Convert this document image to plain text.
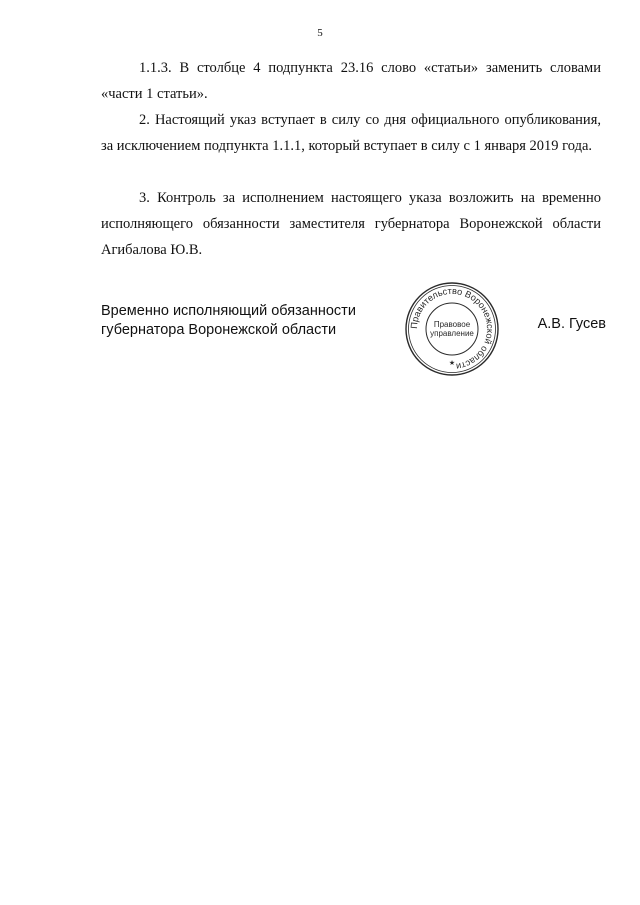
5

1.1.3. В столбце 4 подпункта 23.16 слово «статьи» заменить словами «части 1 статьи».

2. Настоящий указ вступает в силу со дня официального опубликования, за исключением подпункта 1.1.1, который вступает в силу с 1 января 2019 года.

3. Контроль за исполнением настоящего указа возложить на временно исполняющего обязанности заместителя губернатора Воронежской области Агибалова Ю.В.

Временно исполняющий обязанности
губернатора Воронежской области	Правительство Воронежской области
Правовое
управление
★
А.В. Гусев
